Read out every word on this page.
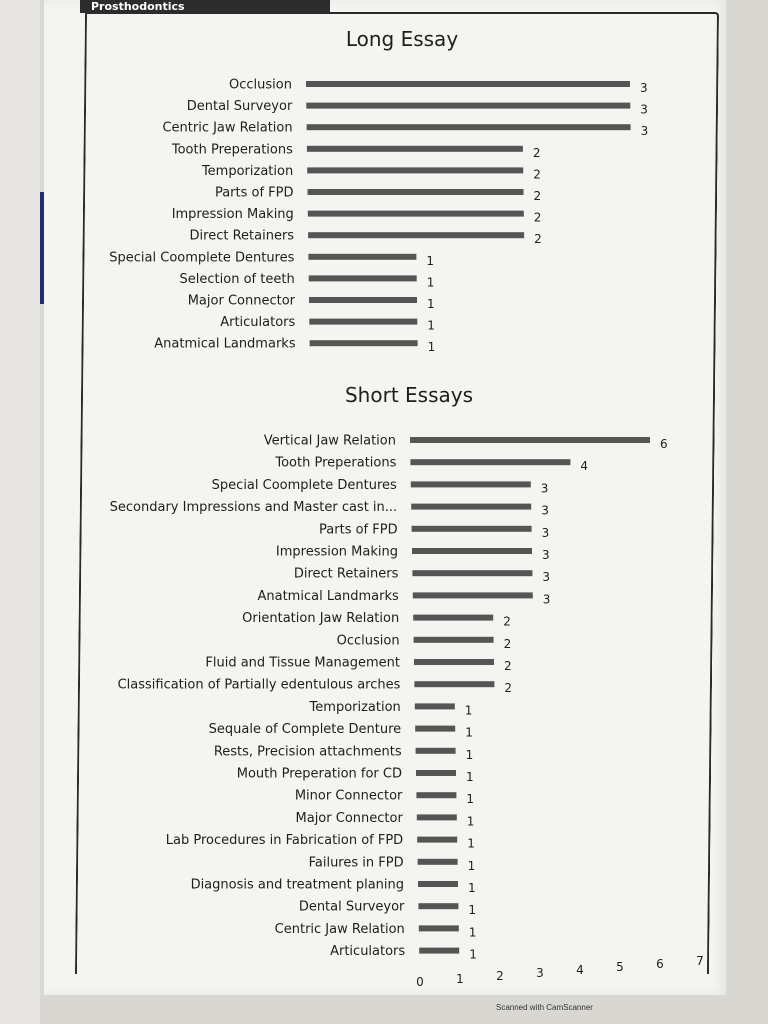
Prosthodontics
Long Essay
Occlusion	3
Dental Surveyor	3
Centric Jaw Relation	3
Tooth Preperations	2
Temporization	2
Parts of FPD	2
Impression Making	2
Direct Retainers	2
Special Coomplete Dentures	1
Selection of teeth	1
Major Connector	1
Articulators	1
Anatmical Landmarks	1
Short Essays
Vertical Jaw Relation	6
Tooth Preperations	4
Special Coomplete Dentures	3
Secondary Impressions and Master cast in...	3
Parts of FPD	3
Impression Making	3
Direct Retainers	3
Anatmical Landmarks	3
Orientation Jaw Relation	2
Occlusion	2
Fluid and Tissue Management	2
Classification of Partially edentulous arches	2
Temporization	1
Sequale of Complete Denture	1
Rests, Precision attachments	1
Mouth Preperation for CD	1
Minor Connector	1
Major Connector	1
Lab Procedures in Fabrication of FPD	1
Failures in FPD	1
Diagnosis and treatment planing	1
Dental Surveyor	1
Centric Jaw Relation	1
Articulators	1
0	1	2	3	4	5	6	7
Scanned with CamScanner
